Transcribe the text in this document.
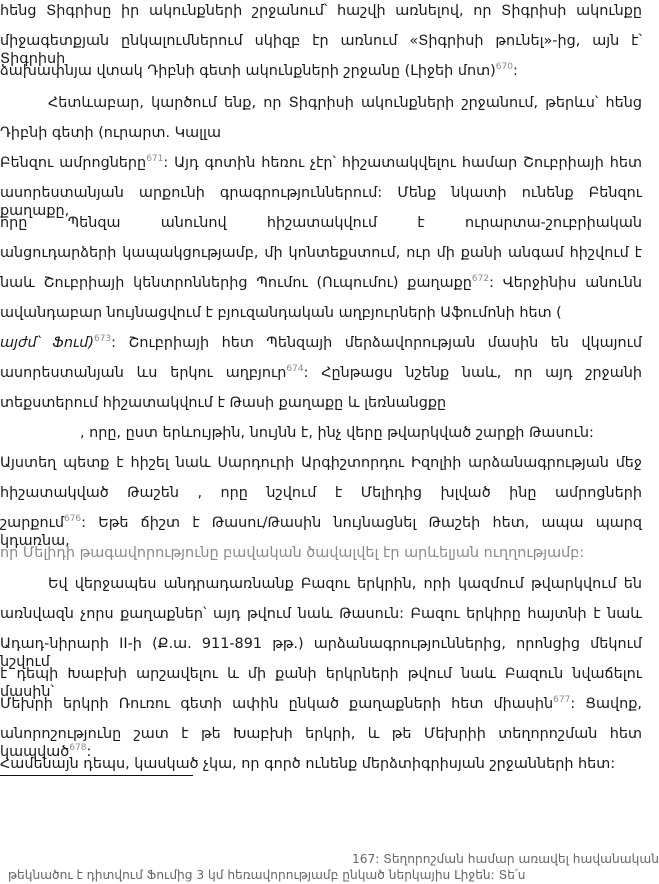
հենց Տիգրիսը իր ակունքների շրջանում՝ հաշվի առնելով, որ Տիգրիսի ակունքը
միջագետքյան ընկալումներում սկիզբ էր առնում «Տիգրիսի թունել»-ից, այն է՝ Տիգրիսի
ձախափնյա վտակ Դիբնի գետի ակունքների շրջանը (Լիջեի մոտ)$^{670}$:
Հետևաբար, կարծում ենք, որ Տիգրիսի ակունքների շրջանում, թերևս՝ հենց
Դիբնի գետի (ուրարտ. Կալլա
Բենզու ամրոցները$^{671}$: Այդ գոտին հեռու չէր՝ հիշատակվելու համար Շուբրիայի հետ
ասորեստանյան արքունի գրագրություններում: Մենք նկատի ունենք Բենզու քաղաքը,
որը Պենզա անունով հիշատակվում է ուրարտա-շուբրիական
անցուդարձերի կապակցությամբ, մի կոնտեքստում, ուր մի քանի անգամ հիշվում է
նաև Շուբրիայի կենտրոններից Պումու (Ուպումու) քաղաքը$^{672}$: Վերջինիս անունն
ավանդաբար նույնացվում է բյուզանդական աղբյուրների Աֆումոնի հետ (
այժմ՝ Ֆում)$^{673}$: Շուբրիայի հետ Պենզայի մերձավորության մասին են վկայում
ասորեստանյան ևս երկու աղբյուր$^{674}$: Հընթացս նշենք նաև, որ այդ շրջանի
տեքստերում հիշատակվում է Թասի քաղաքը և լեռնանցքը
, որը, ըստ երևույթին, նույնն է, ինչ վերը թվարկված շարքի Թասուն:
Այստեղ պետք է հիշել նաև Սարդուրի Արգիշտորդու Իզոլիի արձանագրության մեջ
հիշատակված Թաշեն , որը նշվում է Մելիդից խլված ինը ամրոցների
շարքում$^{676}$: Եթե ճիշտ է Թասու/Թասին նույնացնել Թաշեի հետ, ապա պարզ կդառնա,
որ Մելիդի թագավորությունը բավական ծավալվել էր արևելյան ուղղությամբ:
Եվ վերջապես անդրադառնանք Բազու երկրին, որի կազմում թվարկվում են
առնվազն չորս քաղաքներ՝ այդ թվում նաև Թասուն: Բազու երկիրը հայտնի է նաև
Ադադ-նիրարի II-ի (Ք.ա. 911-891 թթ.) արձանագրություններից, որոնցից մեկում նշվում
է դեպի Խաբխի արշավելու և մի քանի երկրների թվում նաև Բազուն նվաճելու մասին՝
Մեխրի երկրի Ռուռու գետի ափին ընկած քաղաքների հետ միասին$^{677}$: Ցավոք,
անորոշությունը շատ է թե Խաբխի երկրի, և թե Մեխրիի տեղորոշման հետ կապված$^{678}$:
Համենայն դեպս, կասկած չկա, որ գործ ունենք մերձտիգրիսյան շրջանների հետ:
167: Տեղորոշման համար առավել հավանական
թեկնածու է դիտվում Ֆումից 3 կմ հեռավորությամբ ընկած ներկայիս Լիջեն: Տե՛ս
